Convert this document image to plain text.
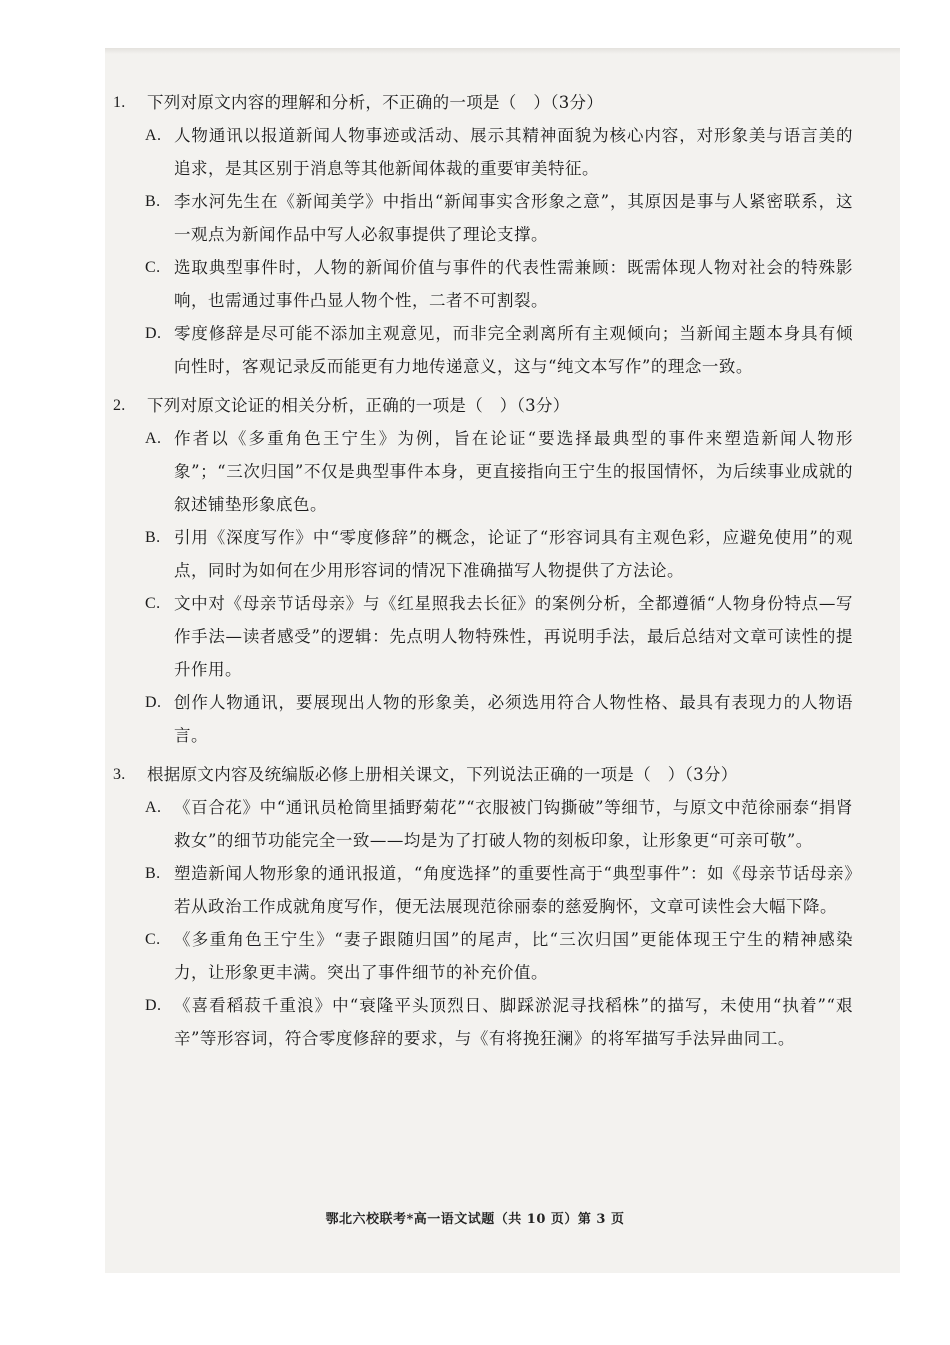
1.	下列对原文内容的理解和分析，不正确的一项是（　）（3分）
A. 人物通讯以报道新闻人物事迹或活动、展示其精神面貌为核心内容，对形象美与语言美的追求，是其区别于消息等其他新闻体裁的重要审美特征。
B. 李水河先生在《新闻美学》中指出“新闻事实含形象之意”，其原因是事与人紧密联系，这一观点为新闻作品中写人必叙事提供了理论支撑。
C. 选取典型事件时，人物的新闻价值与事件的代表性需兼顾：既需体现人物对社会的特殊影响，也需通过事件凸显人物个性，二者不可割裂。
D. 零度修辞是尽可能不添加主观意见，而非完全剥离所有主观倾向；当新闻主题本身具有倾向性时，客观记录反而能更有力地传递意义，这与“纯文本写作”的理念一致。
2.	下列对原文论证的相关分析，正确的一项是（　）（3分）
A. 作者以《多重角色王宁生》为例，旨在论证“要选择最典型的事件来塑造新闻人物形象”；“三次归国”不仅是典型事件本身，更直接指向王宁生的报国情怀，为后续事业成就的叙述铺垫形象底色。
B. 引用《深度写作》中“零度修辞”的概念，论证了“形容词具有主观色彩，应避免使用”的观点，同时为如何在少用形容词的情况下准确描写人物提供了方法论。
C. 文中对《母亲节话母亲》与《红星照我去长征》的案例分析，全都遵循“人物身份特点—写作手法—读者感受”的逻辑：先点明人物特殊性，再说明手法，最后总结对文章可读性的提升作用。
D. 创作人物通讯，要展现出人物的形象美，必须选用符合人物性格、最具有表现力的人物语言。
3.	根据原文内容及统编版必修上册相关课文，下列说法正确的一项是（　）（3分）
A. 《百合花》中“通讯员枪筒里插野菊花”“衣服被门钩撕破”等细节，与原文中范徐丽泰“捐肾救女”的细节功能完全一致——均是为了打破人物的刻板印象，让形象更“可亲可敬”。
B. 塑造新闻人物形象的通讯报道，“角度选择”的重要性高于“典型事件”：如《母亲节话母亲》若从政治工作成就角度写作，便无法展现范徐丽泰的慈爱胸怀，文章可读性会大幅下降。
C. 《多重角色王宁生》“妻子跟随归国”的尾声，比“三次归国”更能体现王宁生的精神感染力，让形象更丰满。突出了事件细节的补充价值。
D. 《喜看稻菽千重浪》中“衰隆平头顶烈日、脚踩淤泥寻找稻株”的描写，未使用“执着”“艰辛”等形容词，符合零度修辞的要求，与《有将挽狂澜》的将军描写手法异曲同工。
鄂北六校联考*高一语文试题（共 10 页）第 3 页
